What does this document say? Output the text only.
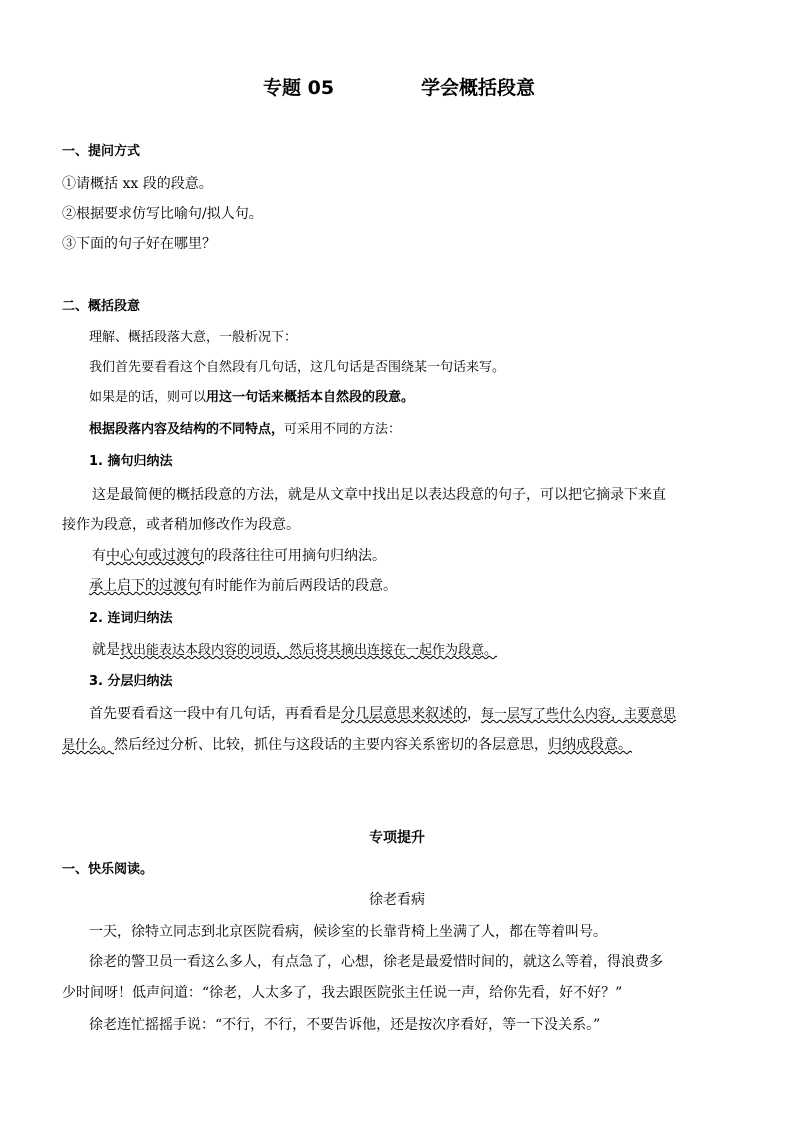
专题 05	学会概括段意
一、提问方式
①请概括 xx 段的段意。
②根据要求仿写比喻句/拟人句。
③下面的句子好在哪里？
二、概括段意
理解、概括段落大意，一般析况下：
我们首先要看看这个自然段有几句话，这几句话是否围绕某一句话来写。
如果是的话，则可以用这一句话来概括本自然段的段意。
根据段落内容及结构的不同特点，可采用不同的方法：
1. 摘句归纳法
这是最简便的概括段意的方法，就是从文章中找出足以表达段意的句子，可以把它摘录下来直
接作为段意，或者稍加修改作为段意。
有中心句或过渡句的段落往往可用摘句归纳法。
承上启下的过渡句有时能作为前后两段话的段意。
2. 连词归纳法
就是找出能表达本段内容的词语，然后将其摘出连接在一起作为段意。
3. 分层归纳法
首先要看看这一段中有几句话，再看看是分几层意思来叙述的，每一层写了些什么内容，主要意思
是什么。然后经过分析、比较，抓住与这段话的主要内容关系密切的各层意思，归纳成段意。
专项提升
一、快乐阅读。
徐老看病
一天，徐特立同志到北京医院看病，候诊室的长靠背椅上坐满了人，都在等着叫号。
徐老的警卫员一看这么多人，有点急了，心想，徐老是最爱惜时间的，就这么等着，得浪费多
少时间呀！低声问道：“徐老，人太多了，我去跟医院张主任说一声，给你先看，好不好？”
徐老连忙摇摇手说：“不行，不行，不要告诉他，还是按次序看好，等一下没关系。”
